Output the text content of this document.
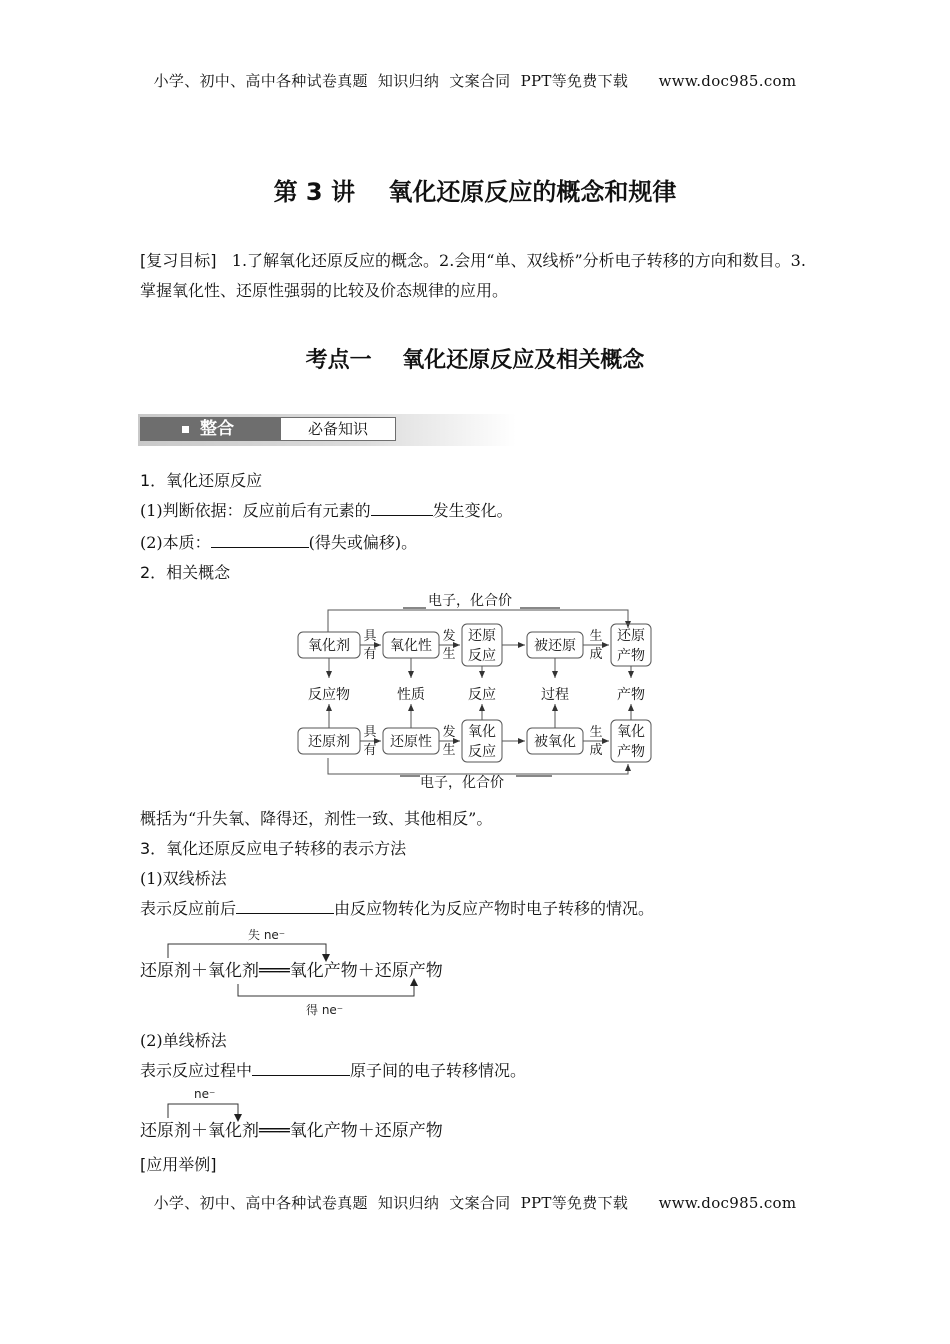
小学、初中、高中各种试卷真题  知识归纳  文案合同  PPT等免费下载      www.doc985.com
第 3 讲    氧化还原反应的概念和规律
[复习目标] 1.了解氧化还原反应的概念。2.会用“单、双线桥”分析电子转移的方向和数目。3.掌握氧化性、还原性强弱的比较及价态规律的应用。
考点一    氧化还原反应及相关概念
整合	必备知识
1．氧化还原反应
(1)判断依据：反应前后有元素的	发生变化。
(2)本质：	(得失或偏移)。
2．相关概念
电子，化合价
电子，化合价
氧化剂	氧化性
还原
反应
被还原
还原
产物
还原剂	还原性
氧化
反应
被氧化
氧化
产物
反应物	性质	反应	过程	产物
具
有
发
生
生
成
具
有
发
生
生
成
概括为“升失氧、降得还，剂性一致、其他相反”。
3．氧化还原反应电子转移的表示方法
(1)双线桥法
表示反应前后	由反应物转化为反应产物时电子转移的情况。
失 ne⁻
得 ne⁻
还原剂＋氧化剂═══氧化产物＋还原产物
(2)单线桥法
表示反应过程中	原子间的电子转移情况。
ne⁻
还原剂＋氧化剂═══氧化产物＋还原产物
[应用举例]
小学、初中、高中各种试卷真题  知识归纳  文案合同  PPT等免费下载      www.doc985.com
